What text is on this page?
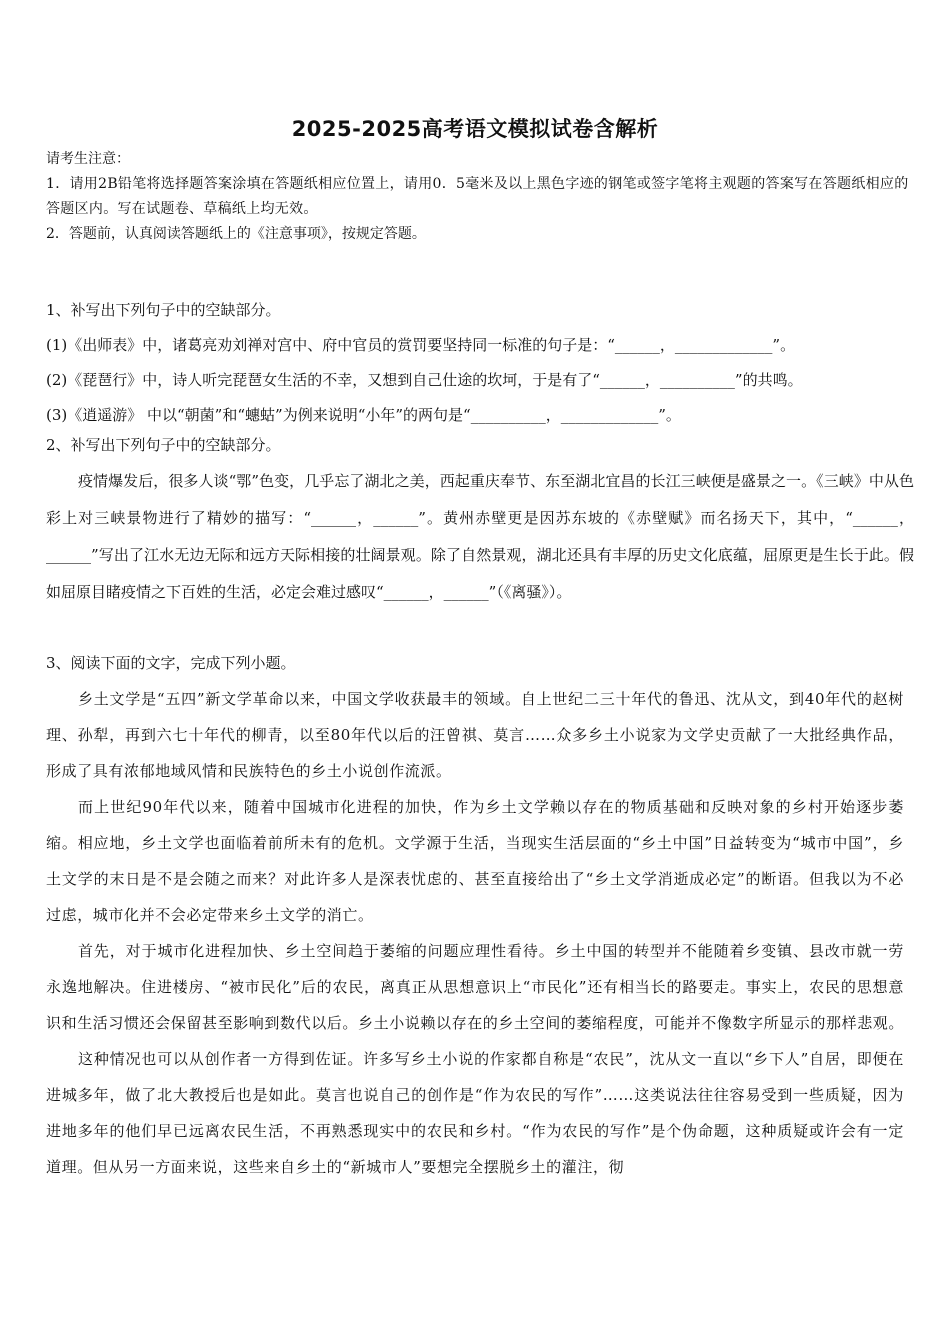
2025-2025高考语文模拟试卷含解析
请考生注意：
1．请用2B铅笔将选择题答案涂填在答题纸相应位置上，请用0．5毫米及以上黑色字迹的钢笔或签字笔将主观题的答案写在答题纸相应的答题区内。写在试题卷、草稿纸上均无效。
2．答题前，认真阅读答题纸上的《注意事项》，按规定答题。
1、补写出下列句子中的空缺部分。
(1)《出师表》中，诸葛亮劝刘禅对宫中、府中官员的赏罚要坚持同一标准的句子是：“______，_____________”。
(2)《琵琶行》中，诗人听完琵琶女生活的不幸，又想到自己仕途的坎坷，于是有了“______，__________”的共鸣。
(3)《逍遥游》 中以“朝菌”和“蟪蛄”为例来说明“小年”的两句是“__________，_____________”。
2、补写出下列句子中的空缺部分。

疫情爆发后，很多人谈“鄂”色变，几乎忘了湖北之美，西起重庆奉节、东至湖北宜昌的长江三峡便是盛景之一。《三峡》中从色彩上对三峡景物进行了精妙的描写：“______，______”。黄州赤壁更是因苏东坡的《赤壁赋》而名扬天下，其中，“______，______”写出了江水无边无际和远方天际相接的壮阔景观。除了自然景观，湖北还具有丰厚的历史文化底蕴，屈原更是生长于此。假如屈原目睹疫情之下百姓的生活，必定会难过感叹“______，______”（《离骚》）。

3、阅读下面的文字，完成下列小题。

乡土文学是“五四”新文学革命以来，中国文学收获最丰的领域。自上世纪二三十年代的鲁迅、沈从文，到40年代的赵树理、孙犁，再到六七十年代的柳青，以至80年代以后的汪曾祺、莫言……众多乡土小说家为文学史贡献了一大批经典作品，形成了具有浓郁地域风情和民族特色的乡土小说创作流派。

而上世纪90年代以来，随着中国城市化进程的加快，作为乡土文学赖以存在的物质基础和反映对象的乡村开始逐步萎缩。相应地，乡土文学也面临着前所未有的危机。文学源于生活，当现实生活层面的“乡土中国”日益转变为“城市中国”，乡土文学的末日是不是会随之而来？对此许多人是深表忧虑的、甚至直接给出了“乡土文学消逝成必定”的断语。但我以为不必过虑，城市化并不会必定带来乡土文学的消亡。

首先，对于城市化进程加快、乡土空间趋于萎缩的问题应理性看待。乡土中国的转型并不能随着乡变镇、县改市就一劳永逸地解决。住进楼房、“被市民化”后的农民，离真正从思想意识上“市民化”还有相当长的路要走。事实上，农民的思想意识和生活习惯还会保留甚至影响到数代以后。乡土小说赖以存在的乡土空间的萎缩程度，可能并不像数字所显示的那样悲观。

这种情况也可以从创作者一方得到佐证。许多写乡土小说的作家都自称是“农民”，沈从文一直以“乡下人”自居，即便在进城多年，做了北大教授后也是如此。莫言也说自己的创作是“作为农民的写作”……这类说法往往容易受到一些质疑，因为进地多年的他们早已远离农民生活，不再熟悉现实中的农民和乡村。“作为农民的写作”是个伪命题，这种质疑或许会有一定道理。但从另一方面来说，这些来自乡土的“新城市人”要想完全摆脱乡土的灌注，彻
